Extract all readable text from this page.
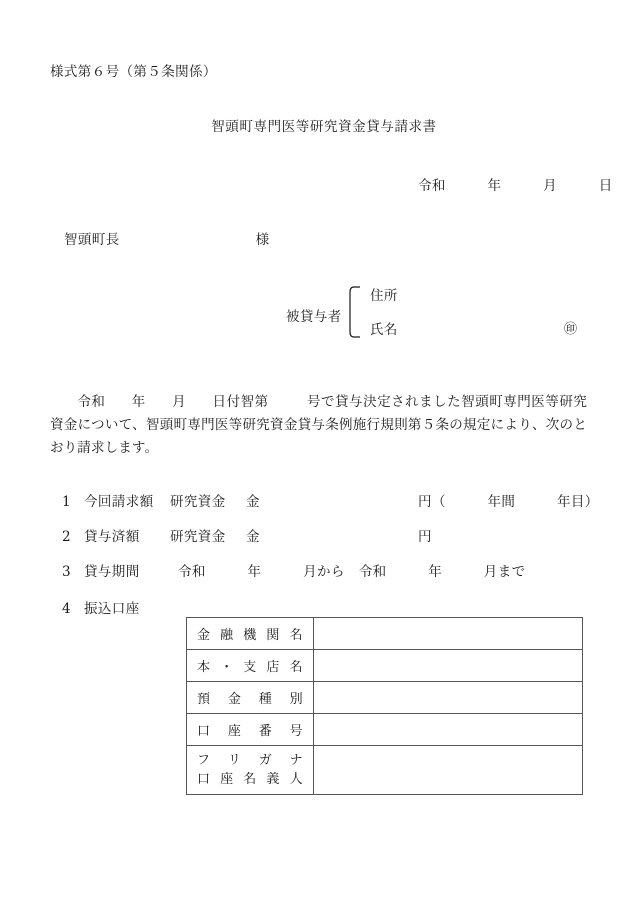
様式第６号（第５条関係）
智頭町専門医等研究資金貸与請求書
令和　　　年　　　月　　　日
智頭町長	様
被貸与者
住所
氏名	㊞
令和 年 月 日付智第	号で貸与決定されました智頭町専門医等研究資金について、智頭町専門医等研究資金貸与条例施行規則第５条の規定により、次のとおり請求します。
1 今回請求額 研究資金 金	円（　　　年間　　　年目）
2 貸与済額 研究資金 金	円
3 貸与期間	令和　　　年　　　月から　令和　　　年　　　月まで
4 振込口座
金 融 機 関 名	

本 ・ 支 店 名	

預 金 種 別	

口 座 番 号	

フ リ ガ ナ
口 座 名 義 人
